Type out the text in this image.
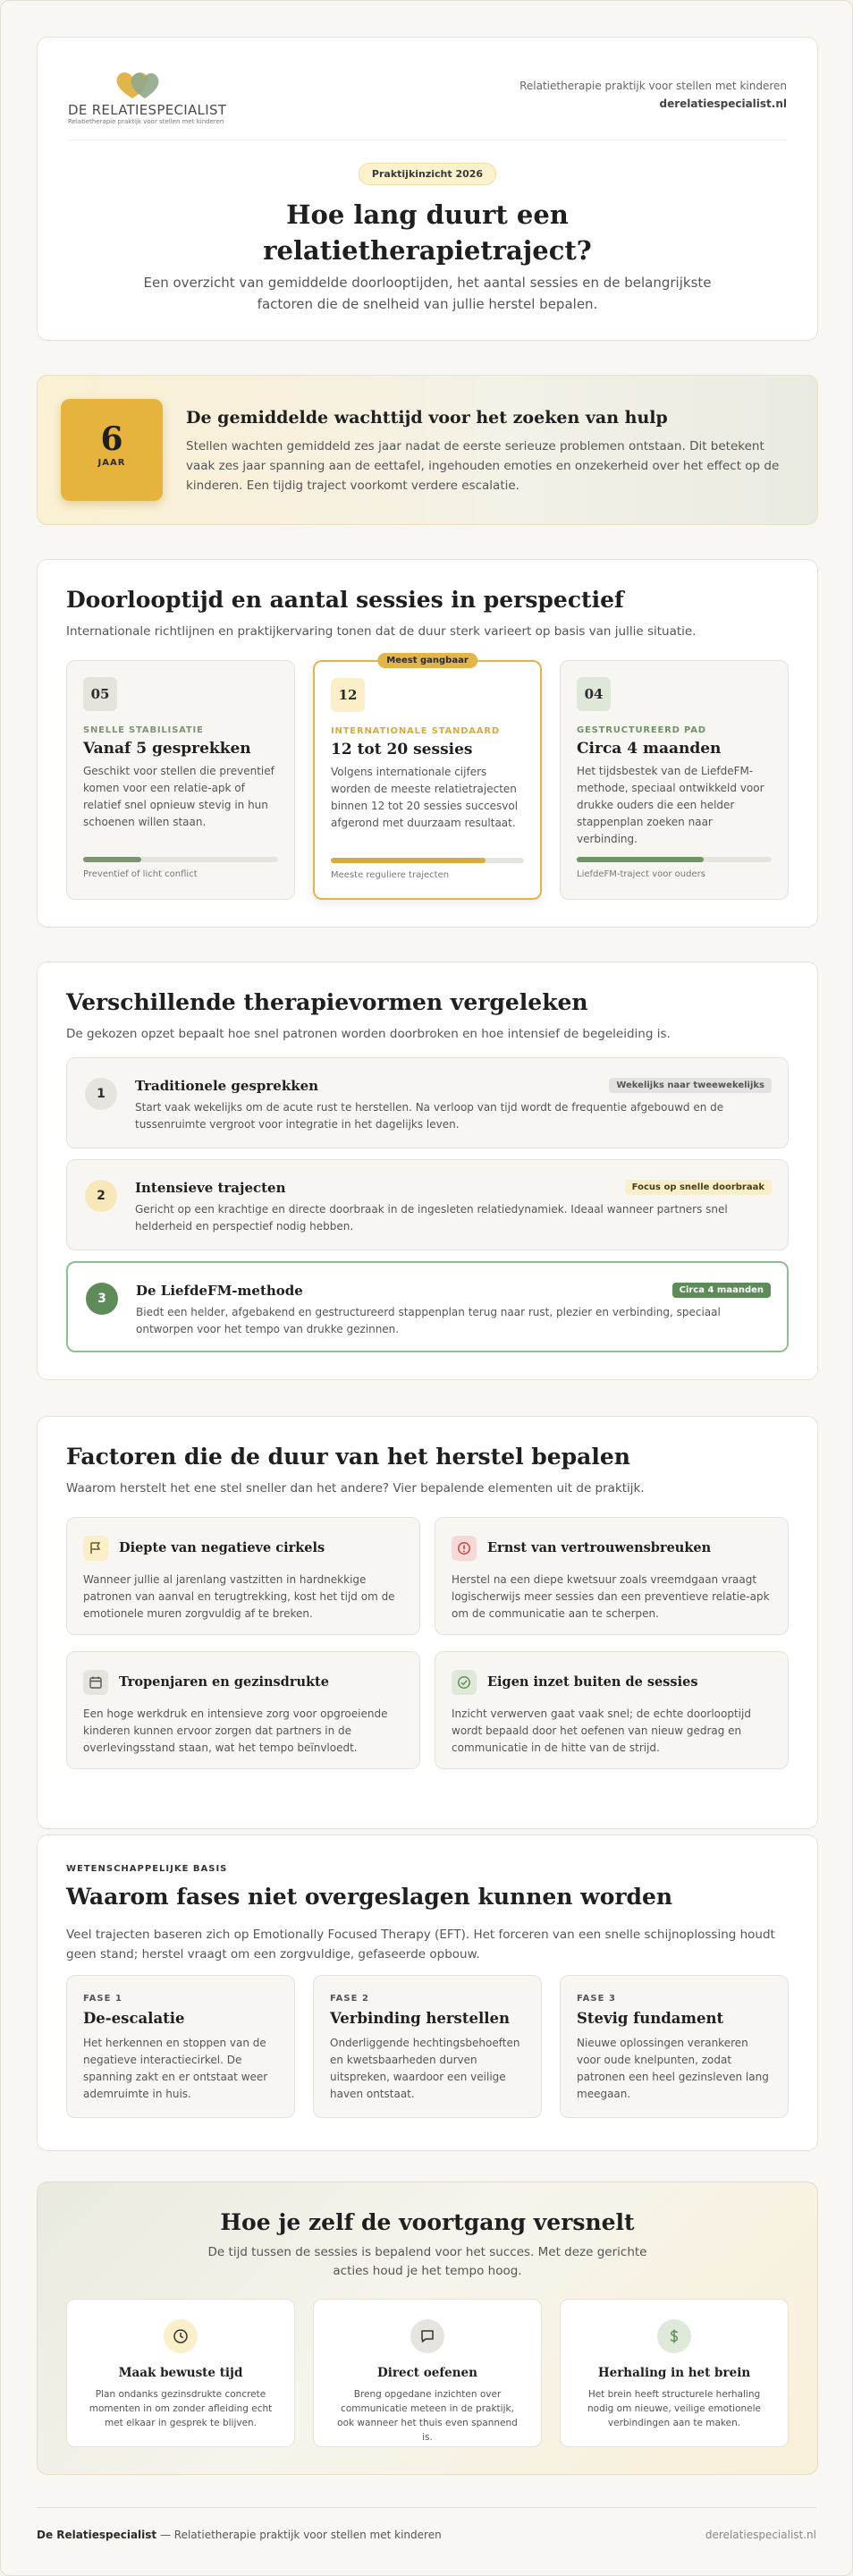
DE RELATIESPECIALIST
Relatietherapie praktijk voor stellen met kinderen
Relatietherapie praktijk voor stellen met kinderen
derelatiespecialist.nl
Praktijkinzicht 2026
Hoe lang duurt een
relatietherapietraject?

Een overzicht van gemiddelde doorlooptijden, het aantal sessies en de belangrijkste factoren die de snelheid van jullie herstel bepalen.

6
JAAR
De gemiddelde wachttijd voor het zoeken van hulp

Stellen wachten gemiddeld zes jaar nadat de eerste serieuze problemen ontstaan. Dit betekent vaak zes jaar spanning aan de eettafel, ingehouden emoties en onzekerheid over het effect op de kinderen. Een tijdig traject voorkomt verdere escalatie.

Doorlooptijd en aantal sessies in perspectief

Internationale richtlijnen en praktijkervaring tonen dat de duur sterk varieert op basis van jullie situatie.

05
SNELLE STABILISATIE
Vanaf 5 gesprekken

Geschikt voor stellen die preventief komen voor een relatie-apk of relatief snel opnieuw stevig in hun schoenen willen staan.

Preventief of licht conflict
Meest gangbaar
12
INTERNATIONALE STANDAARD
12 tot 20 sessies

Volgens internationale cijfers worden de meeste relatietrajecten binnen 12 tot 20 sessies succesvol afgerond met duurzaam resultaat.

Meeste reguliere trajecten
04
GESTRUCTUREERD PAD
Circa 4 maanden

Het tijdsbestek van de LiefdeFM-methode, speciaal ontwikkeld voor drukke ouders die een helder stappenplan zoeken naar verbinding.

LiefdeFM-traject voor ouders
Verschillende therapievormen vergeleken

De gekozen opzet bepaalt hoe snel patronen worden doorbroken en hoe intensief de begeleiding is.

1	Traditionele gesprekken	Wekelijks naar tweewekelijks

Start vaak wekelijks om de acute rust te herstellen. Na verloop van tijd wordt de frequentie afgebouwd en de tussenruimte vergroot voor integratie in het dagelijks leven.

2	Intensieve trajecten	Focus op snelle doorbraak

Gericht op een krachtige en directe doorbraak in de ingesleten relatiedynamiek. Ideaal wanneer partners snel helderheid en perspectief nodig hebben.

3	De LiefdeFM-methode	Circa 4 maanden

Biedt een helder, afgebakend en gestructureerd stappenplan terug naar rust, plezier en verbinding, speciaal ontworpen voor het tempo van drukke gezinnen.

Factoren die de duur van het herstel bepalen

Waarom herstelt het ene stel sneller dan het andere? Vier bepalende elementen uit de praktijk.

Diepte van negatieve cirkels

Wanneer jullie al jarenlang vastzitten in hardnekkige patronen van aanval en terugtrekking, kost het tijd om de emotionele muren zorgvuldig af te breken.

Ernst van vertrouwensbreuken

Herstel na een diepe kwetsuur zoals vreemdgaan vraagt logischerwijs meer sessies dan een preventieve relatie-apk om de communicatie aan te scherpen.

Tropenjaren en gezinsdrukte

Een hoge werkdruk en intensieve zorg voor opgroeiende kinderen kunnen ervoor zorgen dat partners in de overlevingsstand staan, wat het tempo beïnvloedt.

Eigen inzet buiten de sessies

Inzicht verwerven gaat vaak snel; de echte doorlooptijd wordt bepaald door het oefenen van nieuw gedrag en communicatie in de hitte van de strijd.

WETENSCHAPPELIJKE BASIS
Waarom fases niet overgeslagen kunnen worden

Veel trajecten baseren zich op Emotionally Focused Therapy (EFT). Het forceren van een snelle schijnoplossing houdt geen stand; herstel vraagt om een zorgvuldige, gefaseerde opbouw.

FASE 1
De-escalatie

Het herkennen en stoppen van de negatieve interactiecirkel. De spanning zakt en er ontstaat weer ademruimte in huis.

FASE 2
Verbinding herstellen

Onderliggende hechtingsbehoeften en kwetsbaarheden durven uitspreken, waardoor een veilige haven ontstaat.

FASE 3
Stevig fundament

Nieuwe oplossingen verankeren voor oude knelpunten, zodat patronen een heel gezinsleven lang meegaan.

Hoe je zelf de voortgang versnelt

De tijd tussen de sessies is bepalend voor het succes. Met deze gerichte acties houd je het tempo hoog.

Maak bewuste tijd

Plan ondanks gezinsdrukte concrete momenten in om zonder afleiding echt met elkaar in gesprek te blijven.

Direct oefenen

Breng opgedane inzichten over communicatie meteen in de praktijk, ook wanneer het thuis even spannend is.

Herhaling in het brein

Het brein heeft structurele herhaling nodig om nieuwe, veilige emotionele verbindingen aan te maken.

De Relatiespecialist — Relatietherapie praktijk voor stellen met kinderen	derelatiespecialist.nl
